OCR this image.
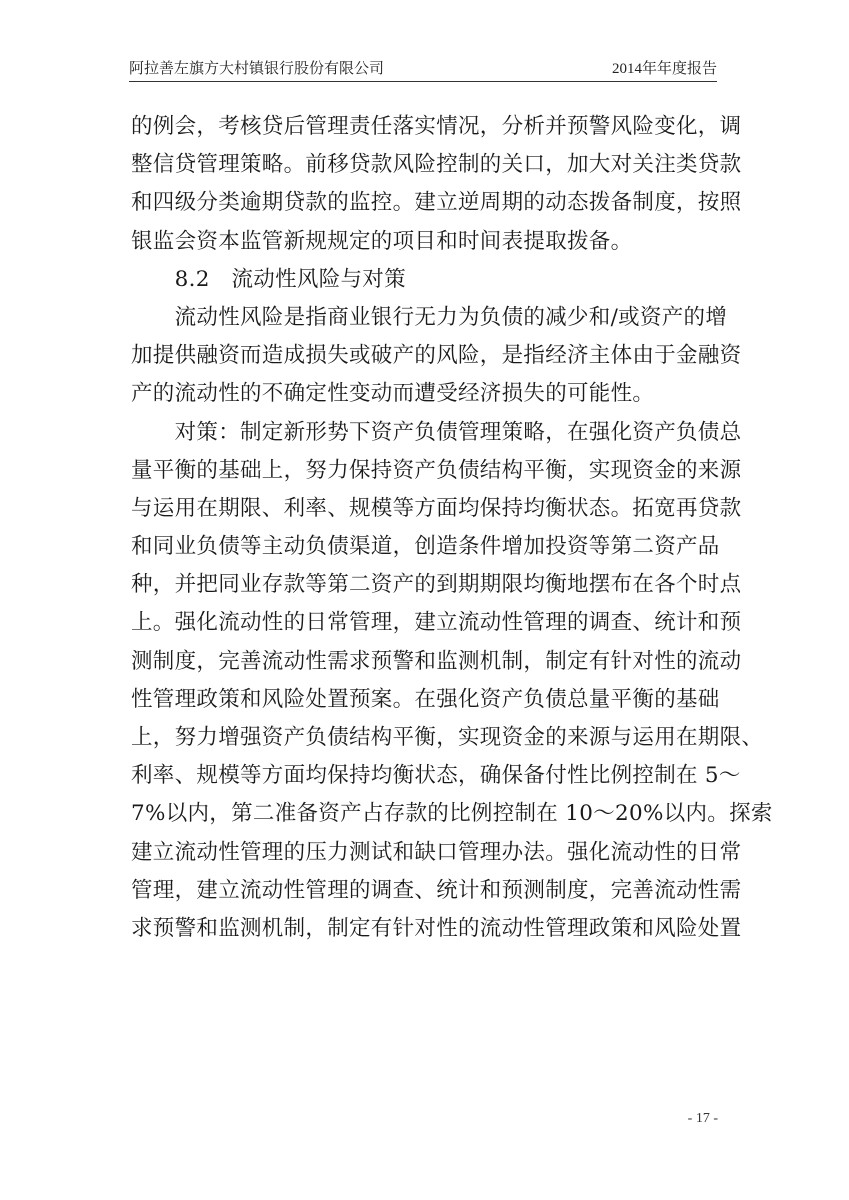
阿拉善左旗方大村镇银行股份有限公司	2014年年度报告
的例会，考核贷后管理责任落实情况，分析并预警风险变化，调
整信贷管理策略。前移贷款风险控制的关口，加大对关注类贷款
和四级分类逾期贷款的监控。建立逆周期的动态拨备制度，按照
银监会资本监管新规规定的项目和时间表提取拨备。
　　8.2　流动性风险与对策
　　流动性风险是指商业银行无力为负债的减少和/或资产的增
加提供融资而造成损失或破产的风险，是指经济主体由于金融资
产的流动性的不确定性变动而遭受经济损失的可能性。
　　对策：制定新形势下资产负债管理策略，在强化资产负债总
量平衡的基础上，努力保持资产负债结构平衡，实现资金的来源
与运用在期限、利率、规模等方面均保持均衡状态。拓宽再贷款
和同业负债等主动负债渠道，创造条件增加投资等第二资产品
种，并把同业存款等第二资产的到期期限均衡地摆布在各个时点
上。强化流动性的日常管理，建立流动性管理的调查、统计和预
测制度，完善流动性需求预警和监测机制，制定有针对性的流动
性管理政策和风险处置预案。在强化资产负债总量平衡的基础
上，努力增强资产负债结构平衡，实现资金的来源与运用在期限、
利率、规模等方面均保持均衡状态，确保备付性比例控制在 5～
7%以内，第二准备资产占存款的比例控制在 10～20%以内。探索
建立流动性管理的压力测试和缺口管理办法。强化流动性的日常
管理，建立流动性管理的调查、统计和预测制度，完善流动性需
求预警和监测机制，制定有针对性的流动性管理政策和风险处置
- 17 -
